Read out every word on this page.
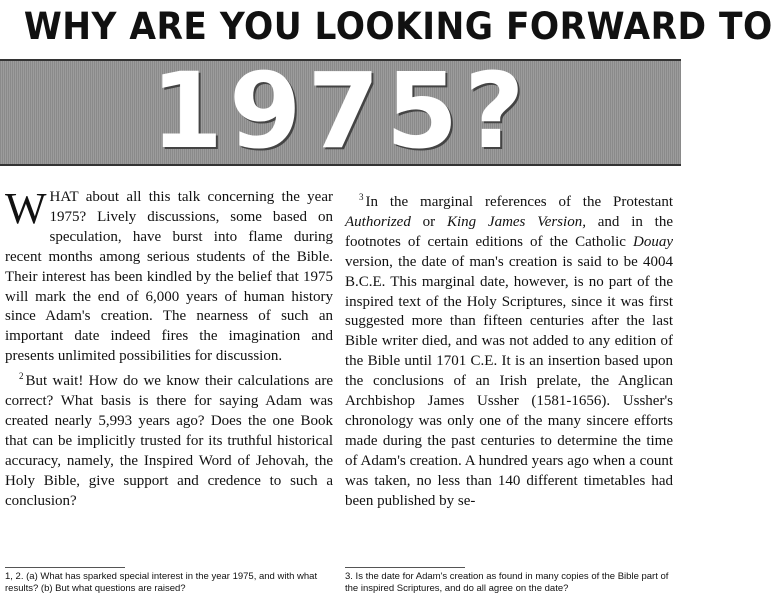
WHY ARE YOU LOOKING FORWARD TO
1975?

WHAT about all this talk concerning the year 1975? Lively discussions, some based on speculation, have burst into flame during recent months among serious students of the Bible. Their interest has been kindled by the belief that 1975 will mark the end of 6,000 years of human history since Adam's creation. The nearness of such an important date indeed fires the imagination and presents unlimited possibilities for discussion.

$^2$ But wait! How do we know their calculations are correct? What basis is there for saying Adam was created nearly 5,993 years ago? Does the one Book that can be implicitly trusted for its truthful historical accuracy, namely, the Inspired Word of Jehovah, the Holy Bible, give support and credence to such a conclusion?

$^3$ In the marginal references of the Protestant Authorized or King James Version, and in the footnotes of certain editions of the Catholic Douay version, the date of man's creation is said to be 4004 B.C.E. This marginal date, however, is no part of the inspired text of the Holy Scriptures, since it was first suggested more than fifteen centuries after the last Bible writer died, and was not added to any edition of the Bible until 1701 C.E. It is an insertion based upon the conclusions of an Irish prelate, the Anglican Archbishop James Ussher (1581-1656). Ussher's chronology was only one of the many sincere efforts made during the past centuries to determine the time of Adam's creation. A hundred years ago when a count was taken, no less than 140 different timetables had been published by se-

1, 2. (a) What has sparked special interest in the year 1975, and with what results? (b) But what questions are raised?
3. Is the date for Adam's creation as found in many copies of the Bible part of the inspired Scriptures, and do all agree on the date?
